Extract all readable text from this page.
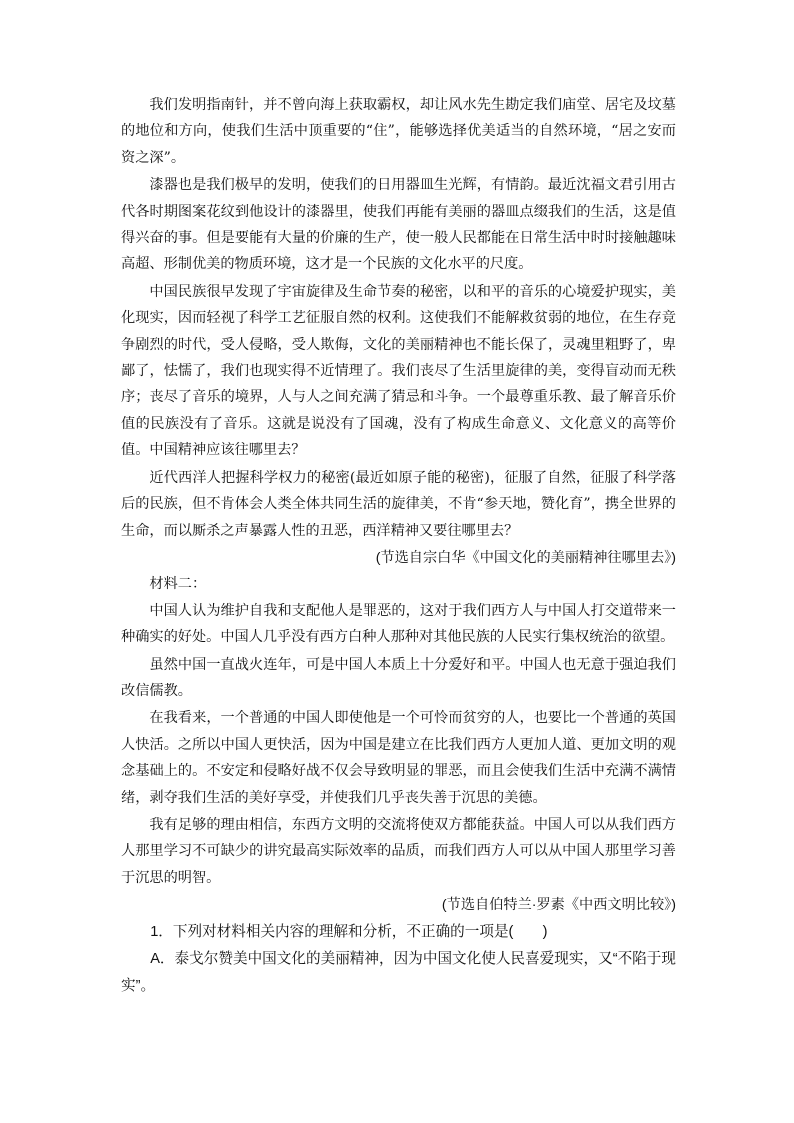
我们发明指南针，并不曾向海上获取霸权，却让风水先生勘定我们庙堂、居宅及坟墓的地位和方向，使我们生活中顶重要的“住”，能够选择优美适当的自然环境，“居之安而资之深”。

漆器也是我们极早的发明，使我们的日用器皿生光辉，有情韵。最近沈福文君引用古代各时期图案花纹到他设计的漆器里，使我们再能有美丽的器皿点缀我们的生活，这是值得兴奋的事。但是要能有大量的价廉的生产，使一般人民都能在日常生活中时时接触趣味高超、形制优美的物质环境，这才是一个民族的文化水平的尺度。

中国民族很早发现了宇宙旋律及生命节奏的秘密，以和平的音乐的心境爱护现实，美化现实，因而轻视了科学工艺征服自然的权利。这使我们不能解救贫弱的地位，在生存竞争剧烈的时代，受人侵略，受人欺侮，文化的美丽精神也不能长保了，灵魂里粗野了，卑鄙了，怯懦了，我们也现实得不近情理了。我们丧尽了生活里旋律的美，变得盲动而无秩序；丧尽了音乐的境界，人与人之间充满了猜忌和斗争。一个最尊重乐教、最了解音乐价值的民族没有了音乐。这就是说没有了国魂，没有了构成生命意义、文化意义的高等价值。中国精神应该往哪里去？

近代西洋人把握科学权力的秘密(最近如原子能的秘密)，征服了自然，征服了科学落后的民族，但不肯体会人类全体共同生活的旋律美，不肯“参天地，赞化育”，携全世界的生命，而以厮杀之声暴露人性的丑恶，西洋精神又要往哪里去？

(节选自宗白华《中国文化的美丽精神往哪里去》)

材料二：

中国人认为维护自我和支配他人是罪恶的，这对于我们西方人与中国人打交道带来一种确实的好处。中国人几乎没有西方白种人那种对其他民族的人民实行集权统治的欲望。

虽然中国一直战火连年，可是中国人本质上十分爱好和平。中国人也无意于强迫我们改信儒教。

在我看来，一个普通的中国人即使他是一个可怜而贫穷的人，也要比一个普通的英国人快活。之所以中国人更快活，因为中国是建立在比我们西方人更加人道、更加文明的观念基础上的。不安定和侵略好战不仅会导致明显的罪恶，而且会使我们生活中充满不满情绪，剥夺我们生活的美好享受，并使我们几乎丧失善于沉思的美德。

我有足够的理由相信，东西方文明的交流将使双方都能获益。中国人可以从我们西方人那里学习不可缺少的讲究最高实际效率的品质，而我们西方人可以从中国人那里学习善于沉思的明智。

(节选自伯特兰·罗素《中西文明比较》)

1．下列对材料相关内容的理解和分析，不正确的一项是(　　)

A．泰戈尔赞美中国文化的美丽精神，因为中国文化使人民喜爱现实，又“不陷于现实”。
